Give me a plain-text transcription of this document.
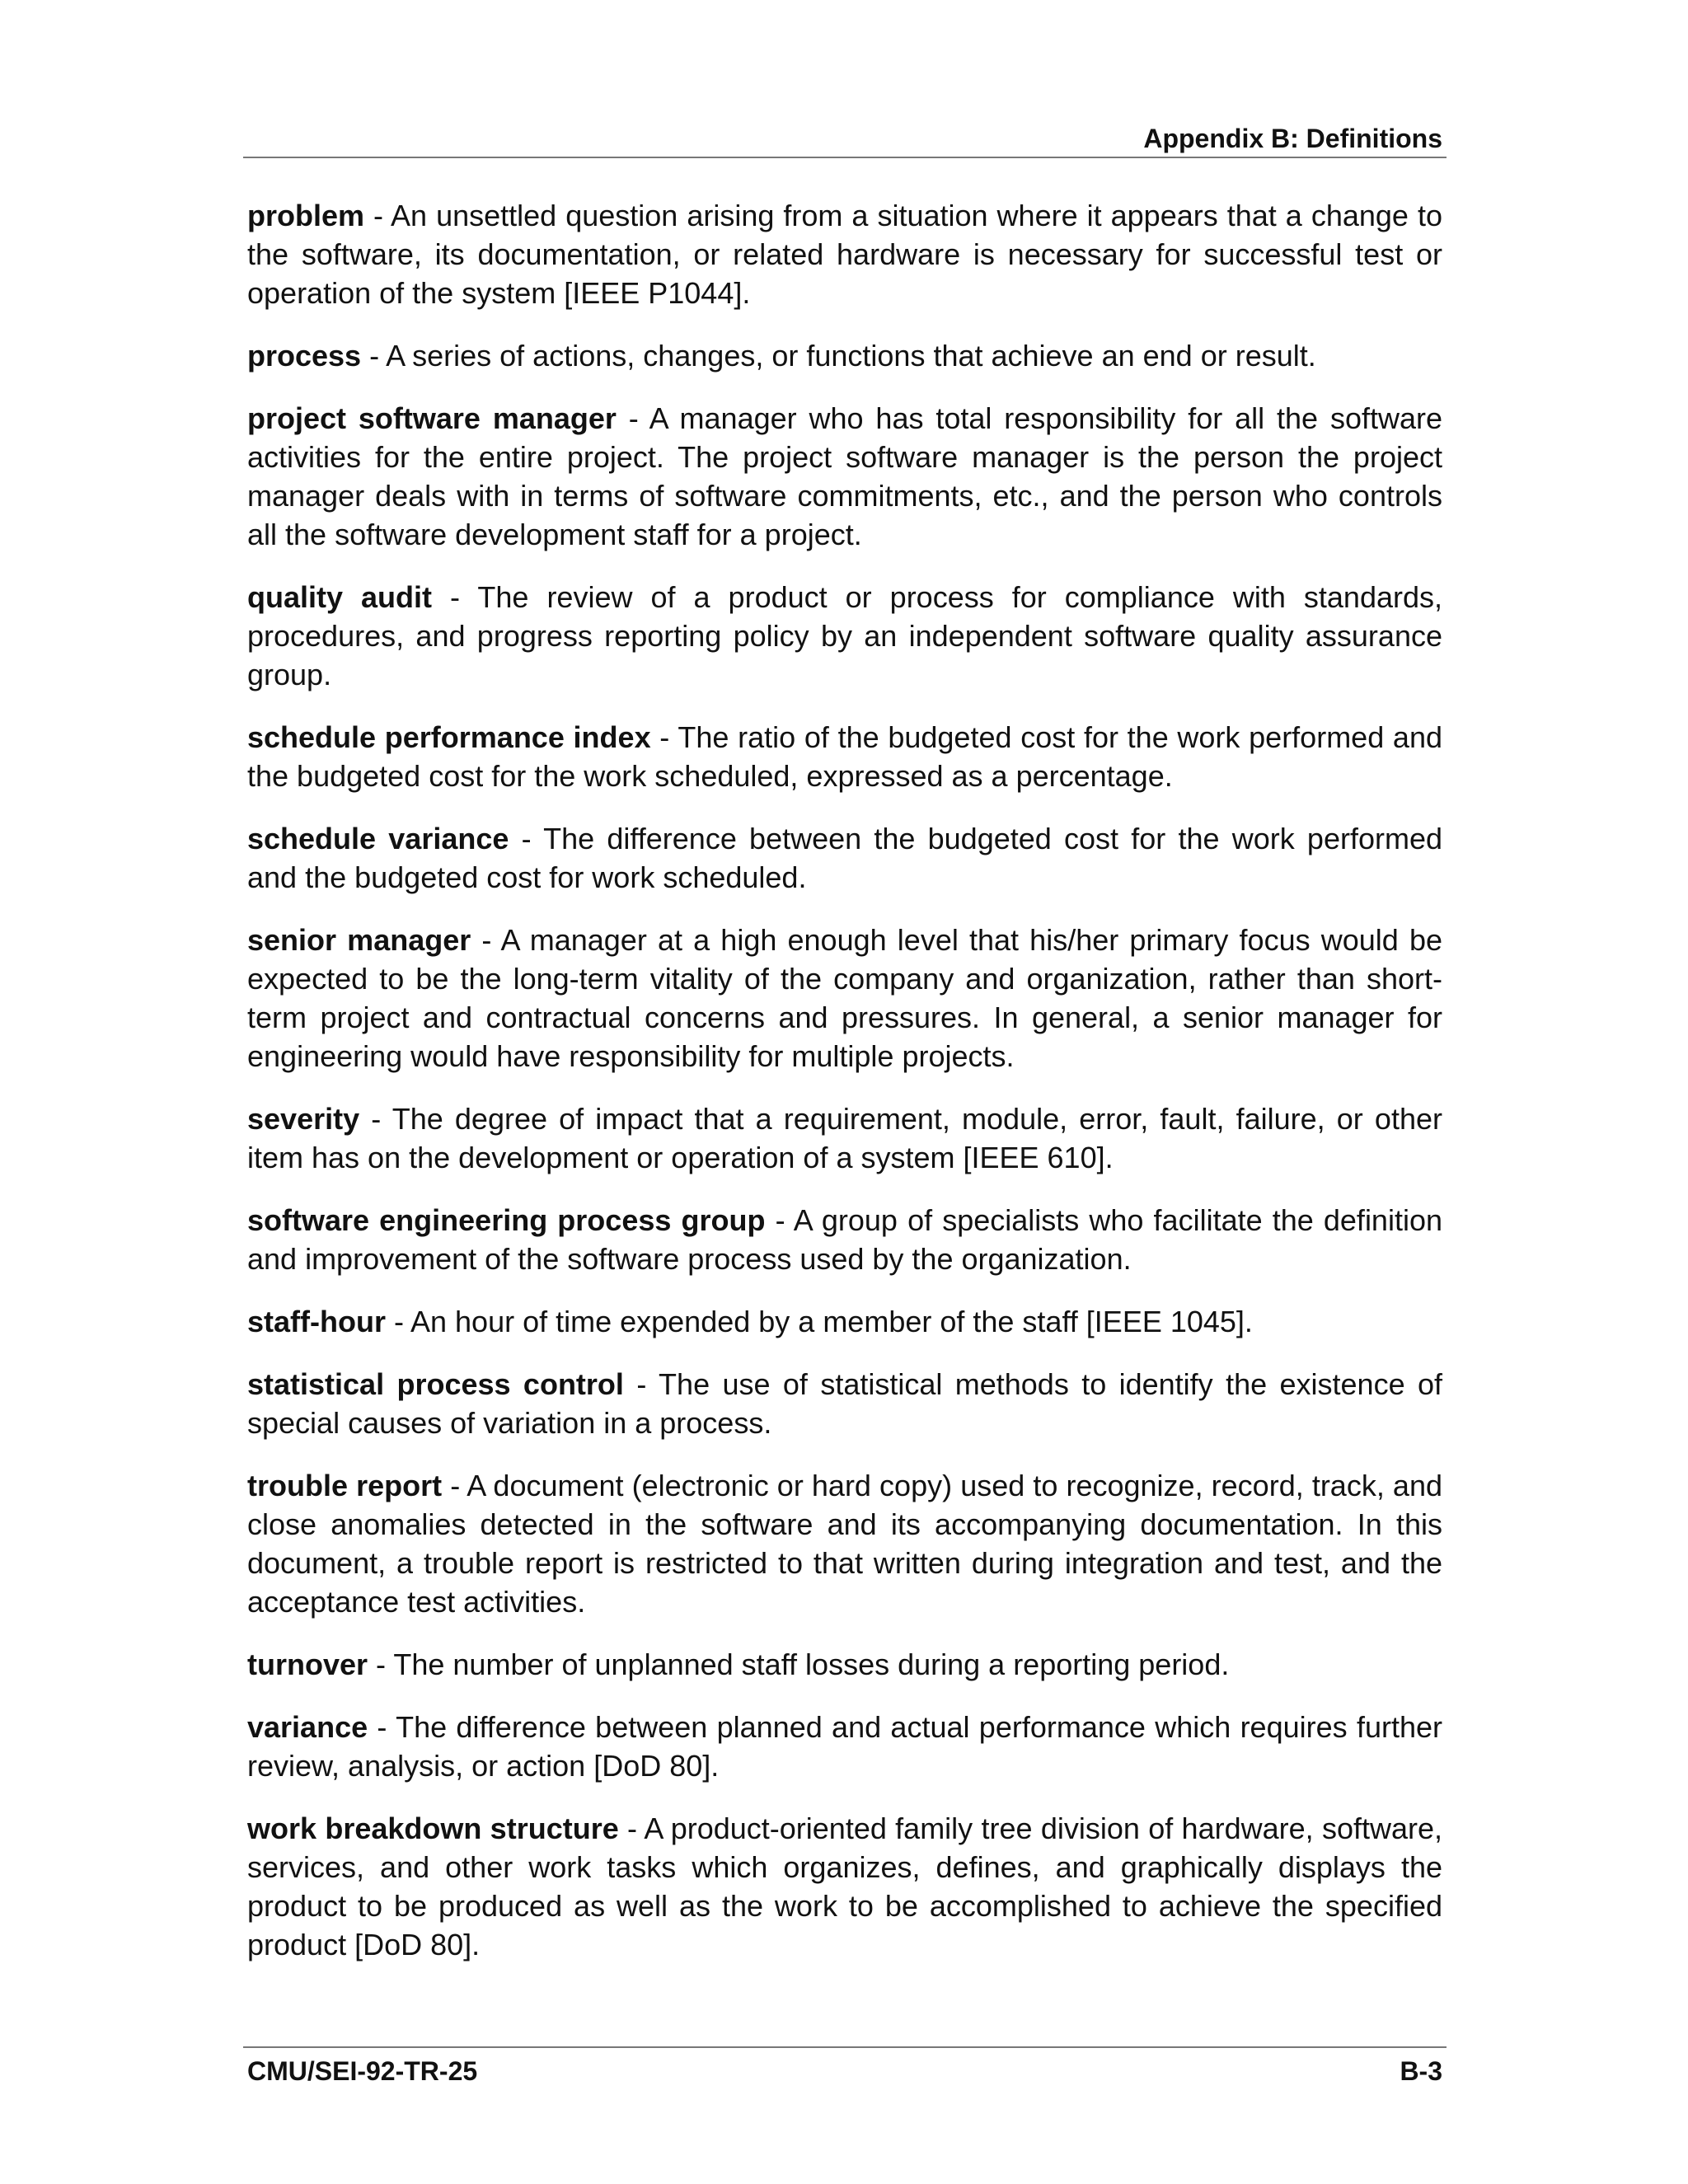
Appendix B: Definitions

problem - An unsettled question arising from a situation where it appears that a change to the software, its documentation, or related hardware is necessary for successful test or operation of the system [IEEE P1044].

process - A series of actions, changes, or functions that achieve an end or result.

project software manager - A manager who has total responsibility for all the software activities for the entire project. The project software manager is the person the project manager deals with in terms of software commitments, etc., and the person who controls all the software development staff for a project.

quality audit - The review of a product or process for compliance with standards, procedures, and progress reporting policy by an independent software quality assurance group.

schedule performance index - The ratio of the budgeted cost for the work performed and the budgeted cost for the work scheduled, expressed as a percentage.

schedule variance - The difference between the budgeted cost for the work performed and the budgeted cost for work scheduled.

senior manager - A manager at a high enough level that his/her primary focus would be expected to be the long-term vitality of the company and organization, rather than short-term project and contractual concerns and pressures. In general, a senior manager for engineering would have responsibility for multiple projects.

severity - The degree of impact that a requirement, module, error, fault, failure, or other item has on the development or operation of a system [IEEE 610].

software engineering process group - A group of specialists who facilitate the definition and improvement of the software process used by the organization.

staff-hour - An hour of time expended by a member of the staff [IEEE 1045].

statistical process control - The use of statistical methods to identify the existence of special causes of variation in a process.

trouble report - A document (electronic or hard copy) used to recognize, record, track, and close anomalies detected in the software and its accompanying documentation. In this document, a trouble report is restricted to that written during integration and test, and the acceptance test activities.

turnover - The number of unplanned staff losses during a reporting period.

variance - The difference between planned and actual performance which requires further review, analysis, or action [DoD 80].

work breakdown structure - A product-oriented family tree division of hardware, software, services, and other work tasks which organizes, defines, and graphically displays the product to be produced as well as the work to be accomplished to achieve the specified product [DoD 80].

CMU/SEI-92-TR-25	B-3
